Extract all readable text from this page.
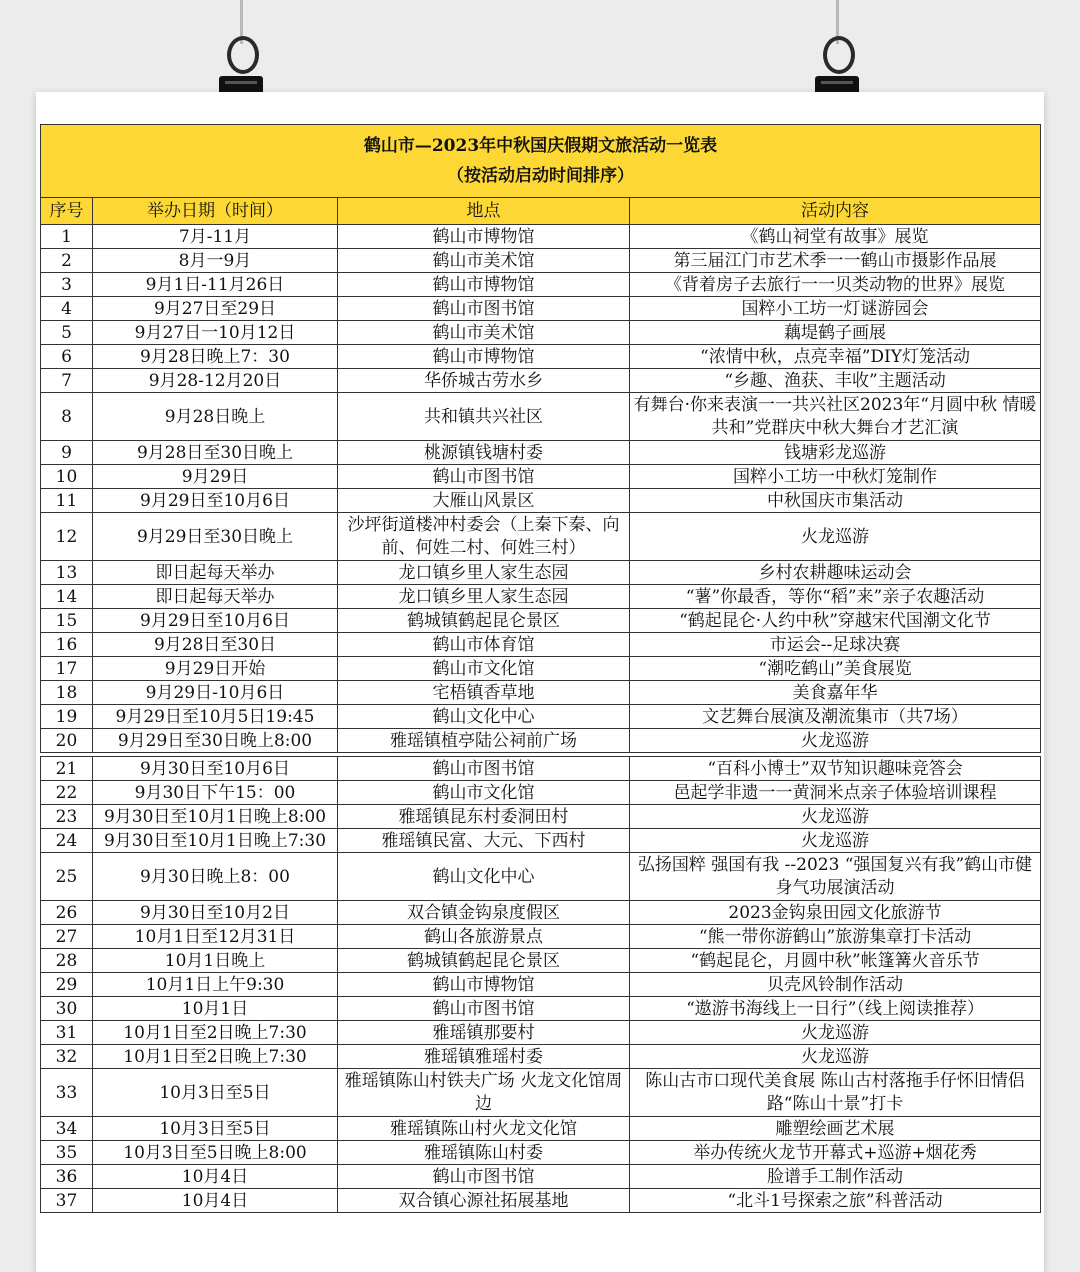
鹤山市—2023年中秋国庆假期文旅活动一览表
（按活动启动时间排序）			

序号	举办日期（时间）	地点	活动内容
1	7月-11月	鹤山市博物馆	《鹤山祠堂有故事》展览
2	8月一9月	鹤山市美术馆	第三届江门市艺术季一一鹤山市摄影作品展
3	9月1日-11月26日	鹤山市博物馆	《背着房子去旅行一一贝类动物的世界》展览
4	9月27日至29日	鹤山市图书馆	国粹小工坊一灯谜游园会
5	9月27日一10月12日	鹤山市美术馆	藕堤鹤子画展
6	9月28日晚上7：30	鹤山市博物馆	“浓情中秋，点亮幸福”DIY灯笼活动
7	9月28-12月20日	华侨城古劳水乡	“乡趣、渔获、丰收”主题活动
8	9月28日晚上	共和镇共兴社区	有舞台·你来表演一一共兴社区2023年“月圆中秋 情暖共和”党群庆中秋大舞台才艺汇演
9	9月28日至30日晚上	桃源镇钱塘村委	钱塘彩龙巡游
10	9月29日	鹤山市图书馆	国粹小工坊一中秋灯笼制作
11	9月29日至10月6日	大雁山风景区	中秋国庆市集活动
12	9月29日至30日晚上	沙坪街道楼冲村委会（上秦下秦、向前、何姓二村、何姓三村）	火龙巡游
13	即日起每天举办	龙口镇乡里人家生态园	乡村农耕趣味运动会
14	即日起每天举办	龙口镇乡里人家生态园	“薯”你最香，等你“稻”来”亲子农趣活动
15	9月29日至10月6日	鹤城镇鹤起昆仑景区	“鹤起昆仑·人约中秋”穿越宋代国潮文化节
16	9月28日至30日	鹤山市体育馆	市运会--足球决赛
17	9月29日开始	鹤山市文化馆	“潮吃鹤山”美食展览
18	9月29日-10月6日	宅梧镇香草地	美食嘉年华
19	9月29日至10月5日19:45	鹤山文化中心	文艺舞台展演及潮流集市（共7场）
20	9月29日至30日晚上8:00	雅瑶镇植亭陆公祠前广场	火龙巡游

21	9月30日至10月6日	鹤山市图书馆	“百科小博士”双节知识趣味竞答会
22	9月30日下午15：00	鹤山市文化馆	邑起学非遗一一黄洞米点亲子体验培训课程
23	9月30日至10月1日晚上8:00	雅瑶镇昆东村委洞田村	火龙巡游
24	9月30日至10月1日晚上7:30	雅瑶镇民富、大元、下西村	火龙巡游
25	9月30日晚上8：00	鹤山文化中心	弘扬国粹 强国有我 --2023 “强国复兴有我”鹤山市健身气功展演活动
26	9月30日至10月2日	双合镇金钩泉度假区	2023金钩泉田园文化旅游节
27	10月1日至12月31日	鹤山各旅游景点	“熊一带你游鹤山”旅游集章打卡活动
28	10月1日晚上	鹤城镇鹤起昆仑景区	“鹤起昆仑，月圆中秋”帐篷篝火音乐节
29	10月1日上午9:30	鹤山市博物馆	贝壳风铃制作活动
30	10月1日	鹤山市图书馆	“遨游书海线上一日行”（线上阅读推荐）
31	10月1日至2日晚上7:30	雅瑶镇那要村	火龙巡游
32	10月1日至2日晚上7:30	雅瑶镇雅瑶村委	火龙巡游
33	10月3日至5日	雅瑶镇陈山村铁夫广场 火龙文化馆周边	陈山古市口现代美食展 陈山古村落拖手仔怀旧情侣路“陈山十景”打卡
34	10月3日至5日	雅瑶镇陈山村火龙文化馆	雕塑绘画艺术展
35	10月3日至5日晚上8:00	雅瑶镇陈山村委	举办传统火龙节开幕式+巡游+烟花秀
36	10月4日	鹤山市图书馆	脸谱手工制作活动
37	10月4日	双合镇心源社拓展基地	“北斗1号探索之旅”科普活动
